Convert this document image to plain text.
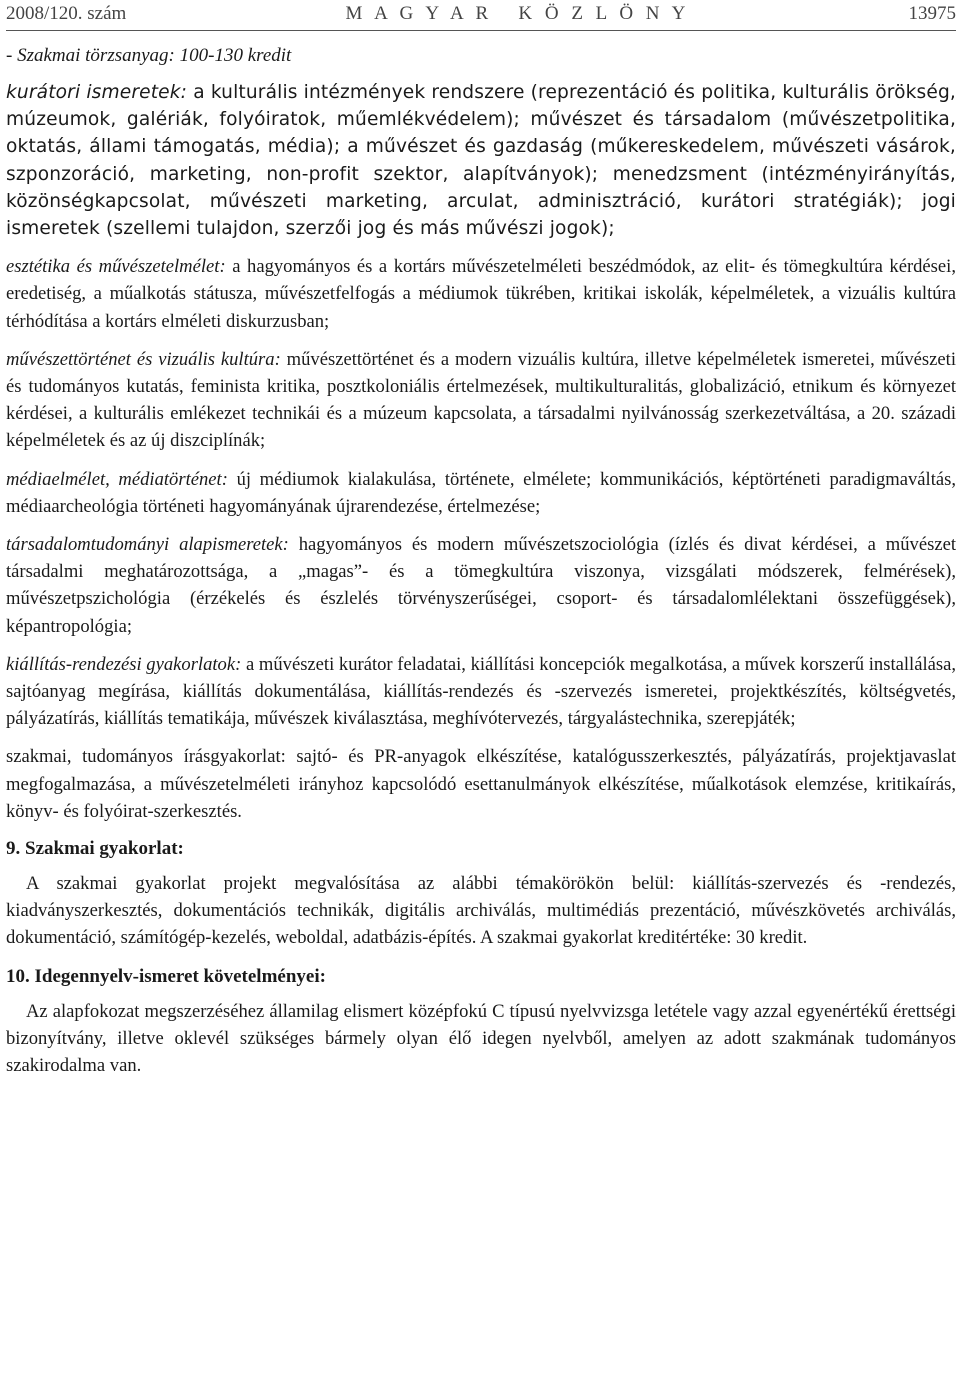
2008/120. szám	M A G Y A R   K Ö Z L Ö N Y	13975
- Szakmai törzsanyag: 100-130 kredit

kurátori ismeretek: a kulturális intézmények rendszere (reprezentáció és politika, kulturális örökség, múzeumok, galériák, folyóiratok, műemlékvédelem); művészet és társadalom (művészetpolitika, oktatás, állami támogatás, média); a művészet és gazdaság (műkereskedelem, művészeti vásárok, szponzoráció, marketing, non-profit szektor, alapítványok); menedzsment (intézményirányítás, közönségkapcsolat, művészeti marketing, arculat, adminisztráció, kurátori stratégiák); jogi ismeretek (szellemi tulajdon, szerzői jog és más művészi jogok);

esztétika és művészetelmélet: a hagyományos és a kortárs művészetelméleti beszédmódok, az elit- és tömegkultúra kérdései, eredetiség, a műalkotás státusza, művészetfelfogás a médiumok tükrében, kritikai iskolák, képelméletek, a vizuális kultúra térhódítása a kortárs elméleti diskurzusban;

művészettörténet és vizuális kultúra: művészettörténet és a modern vizuális kultúra, illetve képelméletek ismeretei, művészeti és tudományos kutatás, feminista kritika, posztkoloniális értelmezések, multikulturalitás, globalizáció, etnikum és környezet kérdései, a kulturális emlékezet technikái és a múzeum kapcsolata, a társadalmi nyilvánosság szerkezetváltása, a 20. századi képelméletek és az új diszciplínák;

médiaelmélet, médiatörténet: új médiumok kialakulása, története, elmélete; kommunikációs, képtörténeti paradigmaváltás, médiaarcheológia történeti hagyományának újrarendezése, értelmezése;

társadalomtudományi alapismeretek: hagyományos és modern művészetszociológia (ízlés és divat kérdései, a művészet társadalmi meghatározottsága, a „magas”- és a tömegkultúra viszonya, vizsgálati módszerek, felmérések), művészetpszichológia (érzékelés és észlelés törvényszerűségei, csoport- és társadalomlélektani összefüggések), képantropológia;

kiállítás-rendezési gyakorlatok: a művészeti kurátor feladatai, kiállítási koncepciók megalkotása, a művek korszerű installálása, sajtóanyag megírása, kiállítás dokumentálása, kiállítás-rendezés és -szervezés ismeretei, projektkészítés, költségvetés, pályázatírás, kiállítás tematikája, művészek kiválasztása, meghívótervezés, tárgyalástechnika, szerepjáték;

szakmai, tudományos írásgyakorlat: sajtó- és PR-anyagok elkészítése, katalógusszerkesztés, pályázatírás, projektjavaslat megfogalmazása, a művészetelméleti irányhoz kapcsolódó esettanulmányok elkészítése, műalkotások elemzése, kritikaírás, könyv- és folyóirat-szerkesztés.

9. Szakmai gyakorlat:

A szakmai gyakorlat projekt megvalósítása az alábbi témakörökön belül: kiállítás-szervezés és -rendezés, kiadványszerkesztés, dokumentációs technikák, digitális archiválás, multimédiás prezentáció, művészkövetés archiválás, dokumentáció, számítógép-kezelés, weboldal, adatbázis-építés. A szakmai gyakorlat kreditértéke: 30 kredit.

10. Idegennyelv-ismeret követelményei:

Az alapfokozat megszerzéséhez államilag elismert középfokú C típusú nyelvvizsga letétele vagy azzal egyenértékű érettségi bizonyítvány, illetve oklevél szükséges bármely olyan élő idegen nyelvből, amelyen az adott szakmának tudományos szakirodalma van.
